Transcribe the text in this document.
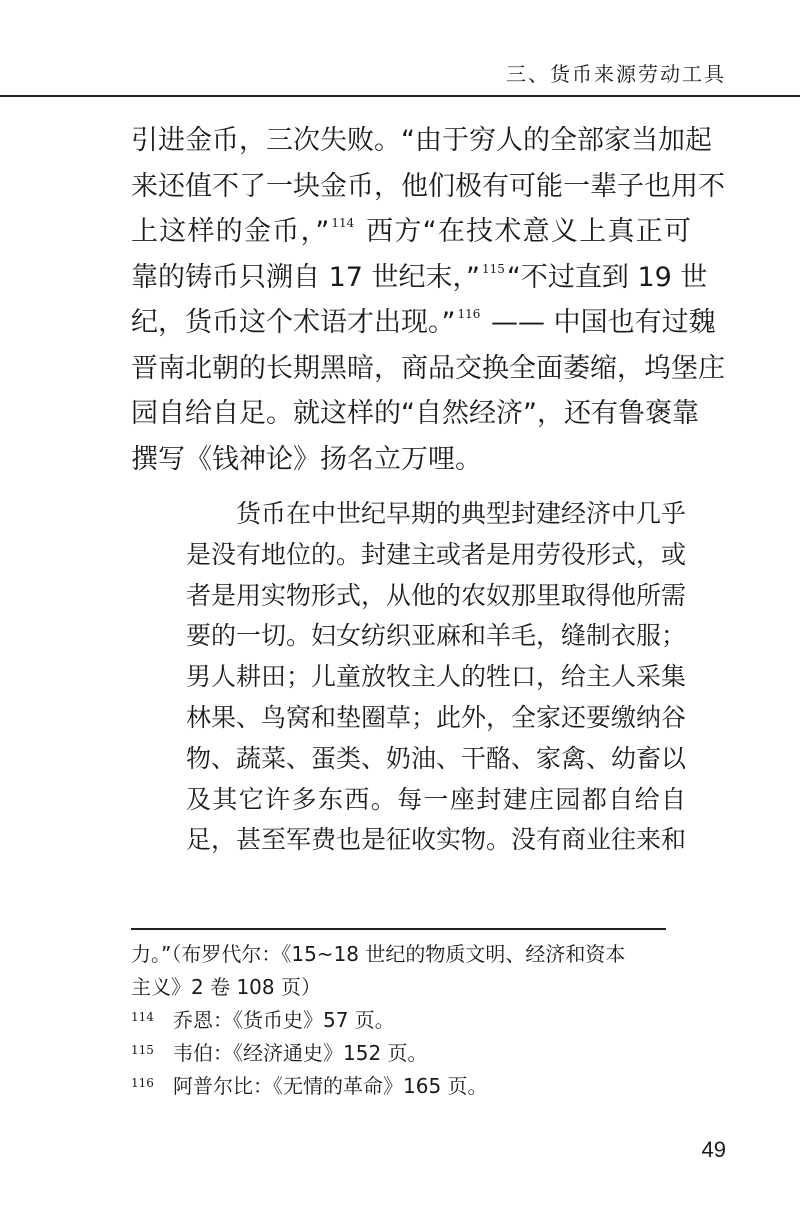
三、货币来源劳动工具
引进金币，三次失败。“由于穷人的全部家当加起
来还值不了一块金币，他们极有可能一辈子也用不
上这样的金币，” $^{114}$ 西方“在技术意义上真正可
靠的铸币只溯自 17 世纪末，” $^{115}$“不过直到 19 世
纪，货币这个术语才出现。” $^{116}$ —— 中国也有过魏
晋南北朝的长期黑暗，商品交换全面萎缩，坞堡庄
园自给自足。就这样的“自然经济”，还有鲁褒靠
撰写《钱神论》扬名立万哩。
　　货币在中世纪早期的典型封建经济中几乎
是没有地位的。封建主或者是用劳役形式，或
者是用实物形式，从他的农奴那里取得他所需
要的一切。妇女纺织亚麻和羊毛，缝制衣服；
男人耕田；儿童放牧主人的牲口，给主人采集
林果、鸟窝和垫圈草；此外，全家还要缴纳谷
物、蔬菜、蛋类、奶油、干酪、家禽、幼畜以
及其它许多东西。每一座封建庄园都自给自
足，甚至军费也是征收实物。没有商业往来和
力。”（布罗代尔：《15~18 世纪的物质文明、经济和资本
主义》2 卷 108 页）
114 乔恩：《货币史》57 页。
115 韦伯：《经济通史》152 页。
116 阿普尔比：《无情的革命》165 页。
49
